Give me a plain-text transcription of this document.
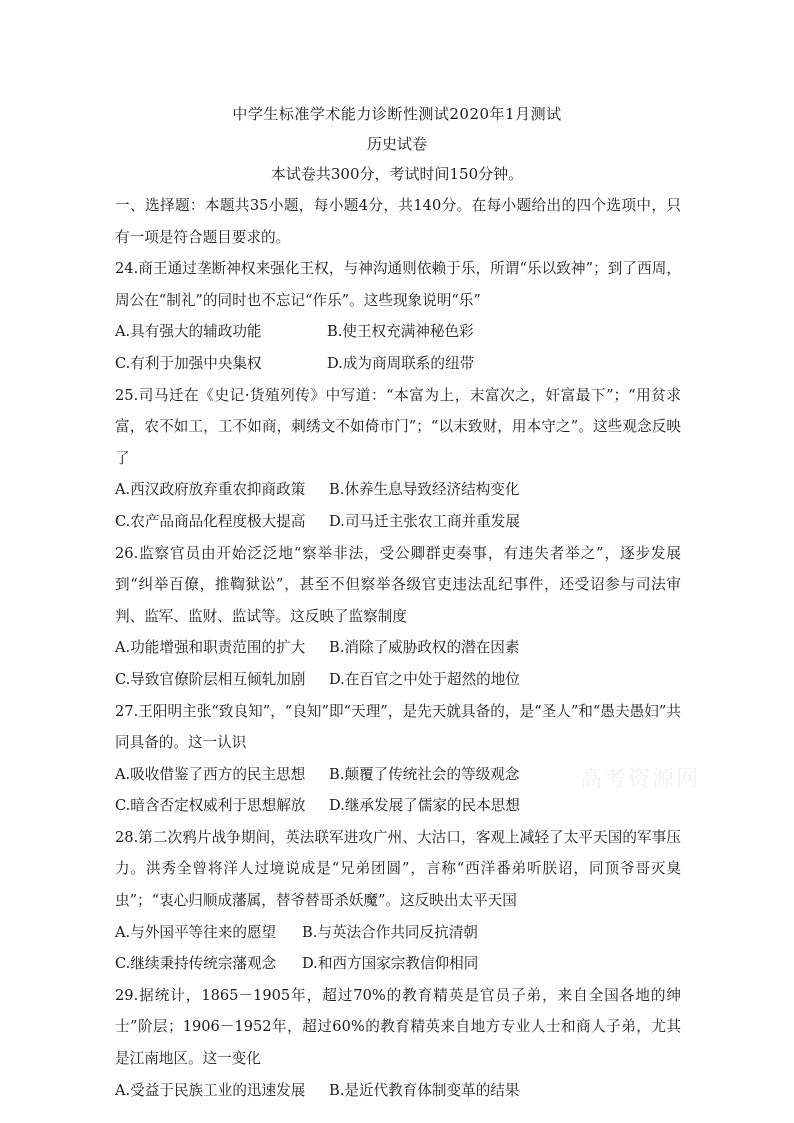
中学生标准学术能力诊断性测试2020年1月测试
历史试卷
本试卷共300分，考试时间150分钟。

一、选择题：本题共35小题，每小题4分，共140分。在每小题给出的四个选项中，只有一项是符合题目要求的。

24.商王通过垄断神权来强化王权，与神沟通则依赖于乐，所谓“乐以致神”；到了西周，周公在“制礼”的同时也不忘记“作乐”。这些现象说明“乐”

A.具有强大的辅政功能	B.使王权充满神秘色彩
C.有利于加强中央集权	D.成为商周联系的纽带

25.司马迁在《史记·货殖列传》中写道：“本富为上，末富次之，奸富最下”；“用贫求富，农不如工，工不如商，刺绣文不如倚市门”；“以末致财，用本守之”。这些观念反映了

A.西汉政府放弃重农抑商政策	B.休养生息导致经济结构变化
C.农产品商品化程度极大提高	D.司马迁主张农工商并重发展

26.监察官员由开始泛泛地“察举非法，受公卿群吏奏事，有违失者举之”，逐步发展到“纠举百僚，推鞫狱讼”，甚至不但察举各级官吏违法乱纪事件，还受诏参与司法审判、监军、监财、监试等。这反映了监察制度

A.功能增强和职责范围的扩大	B.消除了威胁政权的潜在因素
C.导致官僚阶层相互倾轧加剧	D.在百官之中处于超然的地位

27.王阳明主张“致良知”，“良知”即“天理”，是先天就具备的，是“圣人”和“愚夫愚妇”共同具备的。这一认识

A.吸收借鉴了西方的民主思想	B.颠覆了传统社会的等级观念
C.暗含否定权威利于思想解放	D.继承发展了儒家的民本思想

28.第二次鸦片战争期间，英法联军进攻广州、大沽口，客观上减轻了太平天国的军事压力。洪秀全曾将洋人过境说成是“兄弟团圆”，言称“西洋番弟听朕诏，同顶爷哥灭臭虫”；“衷心归顺成藩属，替爷替哥杀妖魔”。这反映出太平天国

A.与外国平等往来的愿望	B.与英法合作共同反抗清朝
C.继续秉持传统宗藩观念	D.和西方国家宗教信仰相同

29.据统计，1865－1905年，超过70%的教育精英是官员子弟，来自全国各地的绅士”阶层；1906－1952年，超过60%的教育精英来自地方专业人士和商人子弟，尤其是江南地区。这一变化

A.受益于民族工业的迅速发展	B.是近代教育体制变革的结果
高考资源网
